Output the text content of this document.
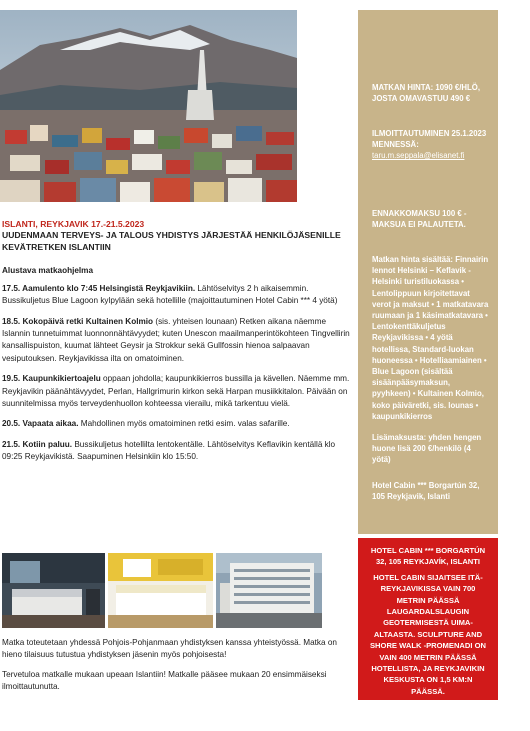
ISLANTI, REYKJAVIK 17.-21.5.2023
UUDENMAAN TERVEYS- JA TALOUS YHDISTYS JÄRJESTÄÄ HENKILÖJÄSENILLE KEVÄTRETKEN ISLANTIIN
Alustava matkaohjelma

17.5. Aamulento klo 7:45 Helsingistä Reykjavikiin. Lähtöselvitys 2 h aikaisemmin. Bussikuljetus Blue Lagoon kylpylään sekä hotellille (majoittautuminen Hotel Cabin *** 4 yötä)

18.5. Kokopäivä retki Kultainen Kolmio (sis. yhteisen lounaan) Retken aikana näemme Islannin tunnetuimmat luonnonnähtävyydet; kuten Unescon maailmanperintökohteen Tingvellirin kansallispuiston, kuumat lähteet Geysir ja Strokkur sekä Gullfossin hienoa salpaavan vesiputouksen. Reykjavikissa ilta on omatoiminen.

19.5. Kaupunkikiertoajelu oppaan johdolla; kaupunkikierros bussilla ja kävellen. Näemme mm. Reykjavikin päänähtävyydet, Perlan, Hallgrimurin kirkon sekä Harpan musiikkitalon. Päivään on suunnitelmissa myös terveydenhuollon kohteessa vierailu, mikä tarkentuu vielä.

20.5. Vapaata aikaa. Mahdollinen myös omatoiminen retki esim. valas safarille.

21.5. Kotiin paluu. Bussikuljetus hotellilta lentokentälle. Lähtöselvitys Keflavikin kentällä klo 09:25 Reykjavikistä. Saapuminen Helsinkiin klo 15:50.

Matka toteutetaan yhdessä Pohjois-Pohjanmaan yhdistyksen kanssa yhteistyössä. Matka on hieno tilaisuus tutustua yhdistyksen jäsenin myös pohjoisesta!

Tervetuloa matkalle mukaan upeaan Islantiin! Matkalle pääsee mukaan 20 ensimmäiseksi ilmoittautunutta.

MATKAN HINTA: 1090 €/HLÖ, JOSTA OMAVASTUU 490 €
ILMOITTAUTUMINEN 25.1.2023 MENNESSÄ:
taru.m.seppala@elisanet.fi
ENNAKKOMAKSU 100 € - MAKSUA EI PALAUTETA.
Matkan hinta sisältää: Finnairin lennot Helsinki – Keflavik - Helsinki turistiluokassa • Lentolippuun kirjoitettavat verot ja maksut • 1 matkatavara ruumaan ja 1 käsimatkatavara • Lentokenttäkuljetus Reykjavikissa • 4 yötä hotellissa, Standard-luokan huoneessa • Hotelliaamiainen • Blue Lagoon (sisältää sisäänpääsymaksun, pyyhkeen) • Kultainen Kolmio, koko päiväretki, sis. lounas • kaupunkikierros
Lisämaksusta: yhden hengen huone lisä 200 €/henkilö (4 yötä)
Hotel Cabin *** Borgartún 32, 105 Reykjavik, Islanti

HOTEL CABIN *** BORGARTÚN 32, 105 REYKJAVÍK, ISLANTI

HOTEL CABIN SIJAITSEE ITÄ-REYKJAVIKISSA VAIN 700 METRIN PÄÄSSÄ LAUGARDALSLAUGIN GEOTERMISESTÄ UIMA-ALTAASTA. SCULPTURE AND SHORE WALK -PROMENADI ON VAIN 400 METRIN PÄÄSSÄ HOTELLISTA, JA REYKJAVIKIN KESKUSTA ON 1,5 KM:N PÄÄSSÄ.
